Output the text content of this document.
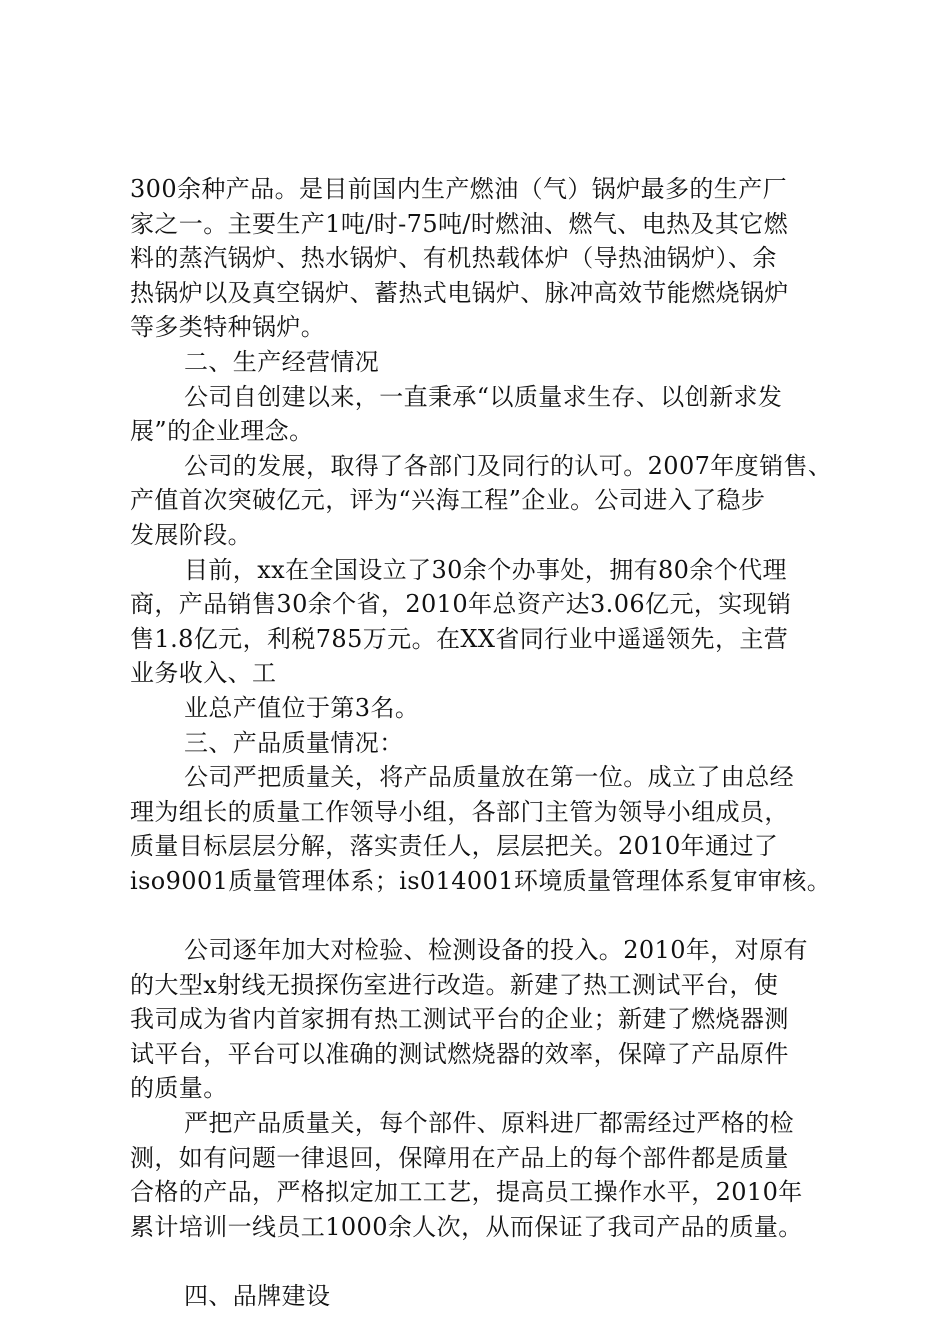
300余种产品。是目前国内生产燃油（气）锅炉最多的生产厂
家之一。主要生产1吨/时-75吨/时燃油、燃气、电热及其它燃
料的蒸汽锅炉、热水锅炉、有机热载体炉（导热油锅炉）、余
热锅炉以及真空锅炉、蓄热式电锅炉、脉冲高效节能燃烧锅炉
等多类特种锅炉。
二、生产经营情况
公司自创建以来，一直秉承“以质量求生存、以创新求发
展”的企业理念。
公司的发展，取得了各部门及同行的认可。2007年度销售、
产值首次突破亿元，评为“兴海工程”企业。公司进入了稳步
发展阶段。
目前，xx在全国设立了30余个办事处，拥有80余个代理
商，产品销售30余个省，2010年总资产达3.06亿元，实现销
售1.8亿元，利税785万元。在XX省同行业中遥遥领先，主营
业务收入、工
业总产值位于第3名。
三、产品质量情况：
公司严把质量关，将产品质量放在第一位。成立了由总经
理为组长的质量工作领导小组，各部门主管为领导小组成员，
质量目标层层分解，落实责任人，层层把关。2010年通过了
iso9001质量管理体系；is014001环境质量管理体系复审审核。
公司逐年加大对检验、检测设备的投入。2010年，对原有
的大型x射线无损探伤室进行改造。新建了热工测试平台，使
我司成为省内首家拥有热工测试平台的企业；新建了燃烧器测
试平台，平台可以准确的测试燃烧器的效率，保障了产品原件
的质量。
严把产品质量关，每个部件、原料进厂都需经过严格的检
测，如有问题一律退回，保障用在产品上的每个部件都是质量
合格的产品，严格拟定加工工艺，提高员工操作水平，2010年
累计培训一线员工1000余人次，从而保证了我司产品的质量。
四、品牌建设
